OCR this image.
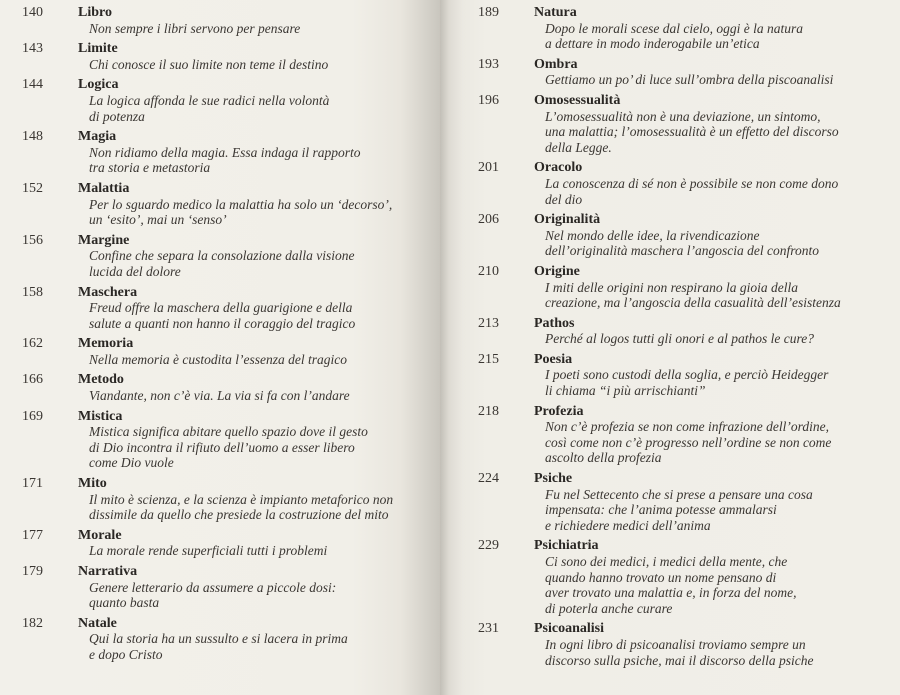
140	Libro
Non sempre i libri servono per pensare
143	Limite
Chi conosce il suo limite non teme il destino
144	Logica
La logica affonda le sue radici nella volontà
di potenza
148	Magia
Non ridiamo della magia. Essa indaga il rapporto
tra storia e metastoria
152	Malattia
Per lo sguardo medico la malattia ha solo un ‘decorso’,
un ‘esito’, mai un ‘senso’
156	Margine
Confine che separa la consolazione dalla visione
lucida del dolore
158	Maschera
Freud offre la maschera della guarigione e della
salute a quanti non hanno il coraggio del tragico
162	Memoria
Nella memoria è custodita l’essenza del tragico
166	Metodo
Viandante, non c’è via. La via si fa con l’andare
169	Mistica
Mistica significa abitare quello spazio dove il gesto
di Dio incontra il rifiuto dell’uomo a esser libero
come Dio vuole
171	Mito
Il mito è scienza, e la scienza è impianto metaforico non
dissimile da quello che presiede la costruzione del mito
177	Morale
La morale rende superficiali tutti i problemi
179	Narrativa
Genere letterario da assumere a piccole dosi:
quanto basta
182	Natale
Qui la storia ha un sussulto e si lacera in prima
e dopo Cristo
189	Natura
Dopo le morali scese dal cielo, oggi è la natura
a dettare in modo inderogabile un’etica
193	Ombra
Gettiamo un po’ di luce sull’ombra della piscoanalisi
196	Omosessualità
L’omosessualità non è una deviazione, un sintomo,
una malattia; l’omosessualità è un effetto del discorso
della Legge.
201	Oracolo
La conoscenza di sé non è possibile se non come dono
del dio
206	Originalità
Nel mondo delle idee, la rivendicazione
dell’originalità maschera l’angoscia del confronto
210	Origine
I miti delle origini non respirano la gioia della
creazione, ma l’angoscia della casualità dell’esistenza
213	Pathos
Perché al logos tutti gli onori e al pathos le cure?
215	Poesia
I poeti sono custodi della soglia, e perciò Heidegger
li chiama “i più arrischianti”
218	Profezia
Non c’è profezia se non come infrazione dell’ordine,
così come non c’è progresso nell’ordine se non come
ascolto della profezia
224	Psiche
Fu nel Settecento che si prese a pensare una cosa
impensata: che l’anima potesse ammalarsi
e richiedere medici dell’anima
229	Psichiatria
Ci sono dei medici, i medici della mente, che
quando hanno trovato un nome pensano di
aver trovato una malattia e, in forza del nome,
di poterla anche curare
231	Psicoanalisi
In ogni libro di psicoanalisi troviamo sempre un
discorso sulla psiche, mai il discorso della psiche
